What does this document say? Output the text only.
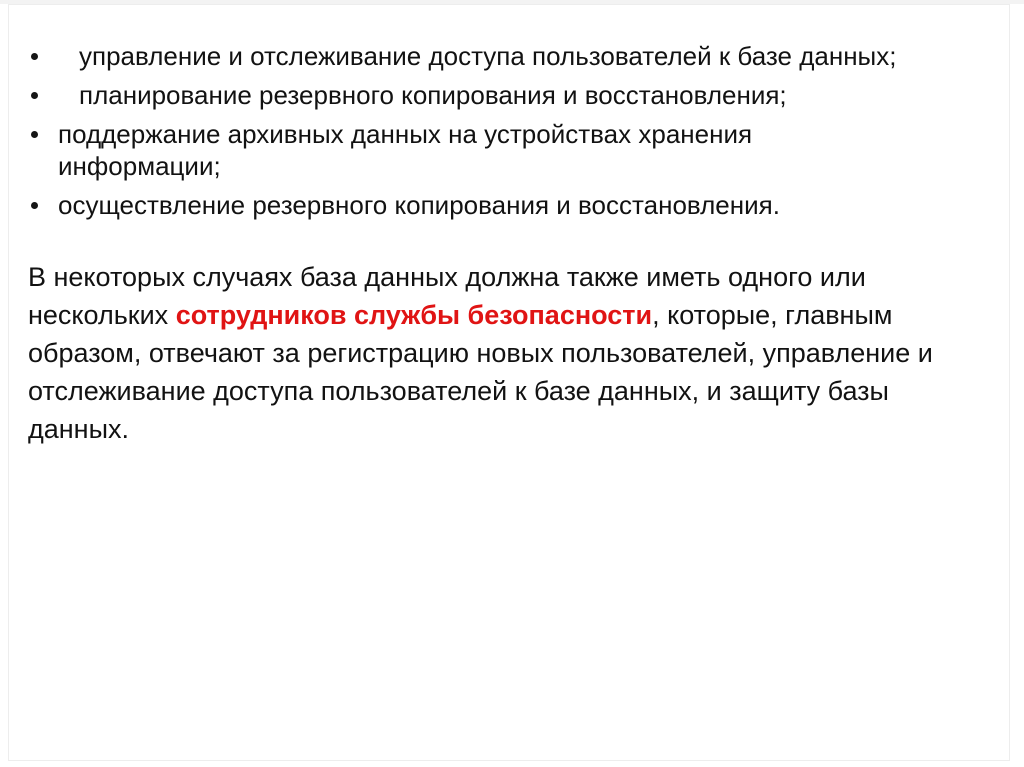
управление и отслеживание доступа пользователей к базе данных;
планирование резервного копирования и восстановления;
поддержание архивных данных на устройствах хранения
информации;
осуществление резервного копирования и восстановления.
В некоторых случаях база данных должна также иметь одного или
нескольких сотрудников службы безопасности, которые, главным
образом, отвечают за регистрацию новых пользователей, управление и
отслеживание доступа пользователей к базе данных, и защиту базы
данных.
